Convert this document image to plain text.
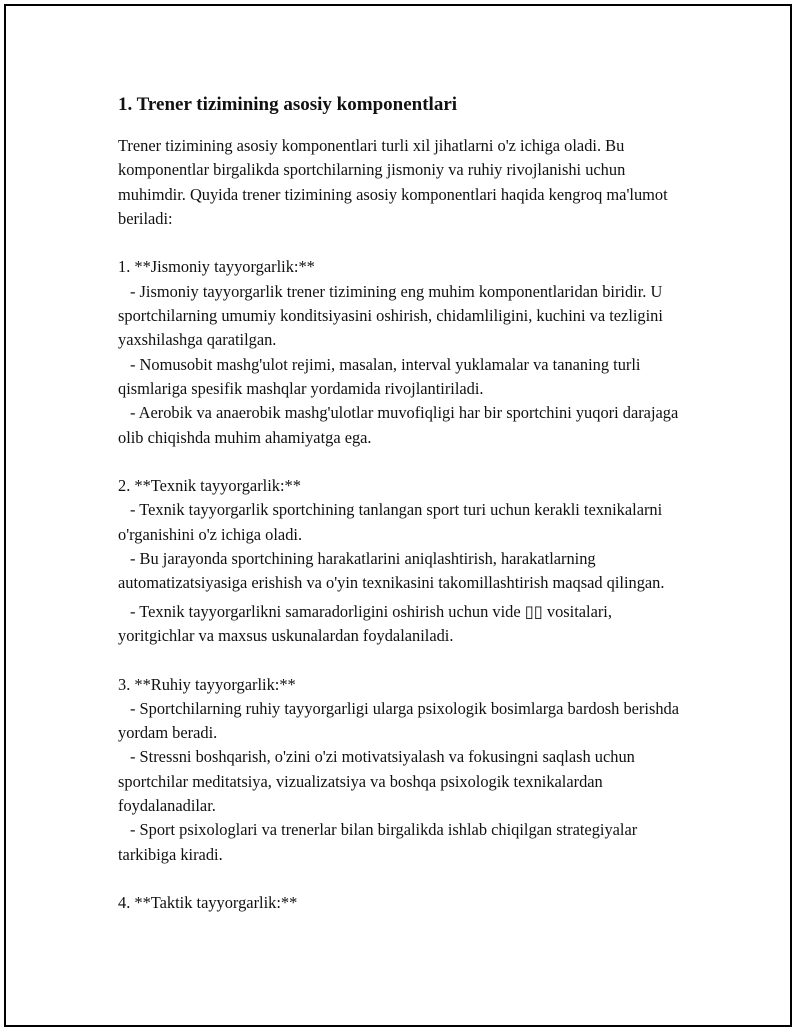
1. Trener tizimining asosiy komponentlari

Trener tizimining asosiy komponentlari turli xil jihatlarni o'z ichiga oladi. Bu komponentlar birgalikda sportchilarning jismoniy va ruhiy rivojlanishi uchun muhimdir. Quyida trener tizimining asosiy komponentlari haqida kengroq ma'lumot beriladi:

1. **Jismoniy tayyorgarlik:**

- Jismoniy tayyorgarlik trener tizimining eng muhim komponentlaridan biridir. U sportchilarning umumiy konditsiyasini oshirish, chidamliligini, kuchini va tezligini yaxshilashga qaratilgan.

- Nomusobit mashg'ulot rejimi, masalan, interval yuklamalar va tananing turli qismlariga spesifik mashqlar yordamida rivojlantiriladi.

- Aerobik va anaerobik mashg'ulotlar muvofiqligi har bir sportchini yuqori darajaga olib chiqishda muhim ahamiyatga ega.

2. **Texnik tayyorgarlik:**

- Texnik tayyorgarlik sportchining tanlangan sport turi uchun kerakli texnikalarni o'rganishini o'z ichiga oladi.

- Bu jarayonda sportchining harakatlarini aniqlashtirish, harakatlarning automatizatsiyasiga erishish va o'yin texnikasini takomillashtirish maqsad qilingan.

- Texnik tayyorgarlikni samaradorligini oshirish uchun vide ▯▯ vositalari, yoritgichlar va maxsus uskunalardan foydalaniladi.

3. **Ruhiy tayyorgarlik:**

- Sportchilarning ruhiy tayyorgarligi ularga psixologik bosimlarga bardosh berishda yordam beradi.

- Stressni boshqarish, o'zini o'zi motivatsiyalash va fokusingni saqlash uchun sportchilar meditatsiya, vizualizatsiya va boshqa psixologik texnikalardan foydalanadilar.

- Sport psixologlari va trenerlar bilan birgalikda ishlab chiqilgan strategiyalar tarkibiga kiradi.

4. **Taktik tayyorgarlik:**
